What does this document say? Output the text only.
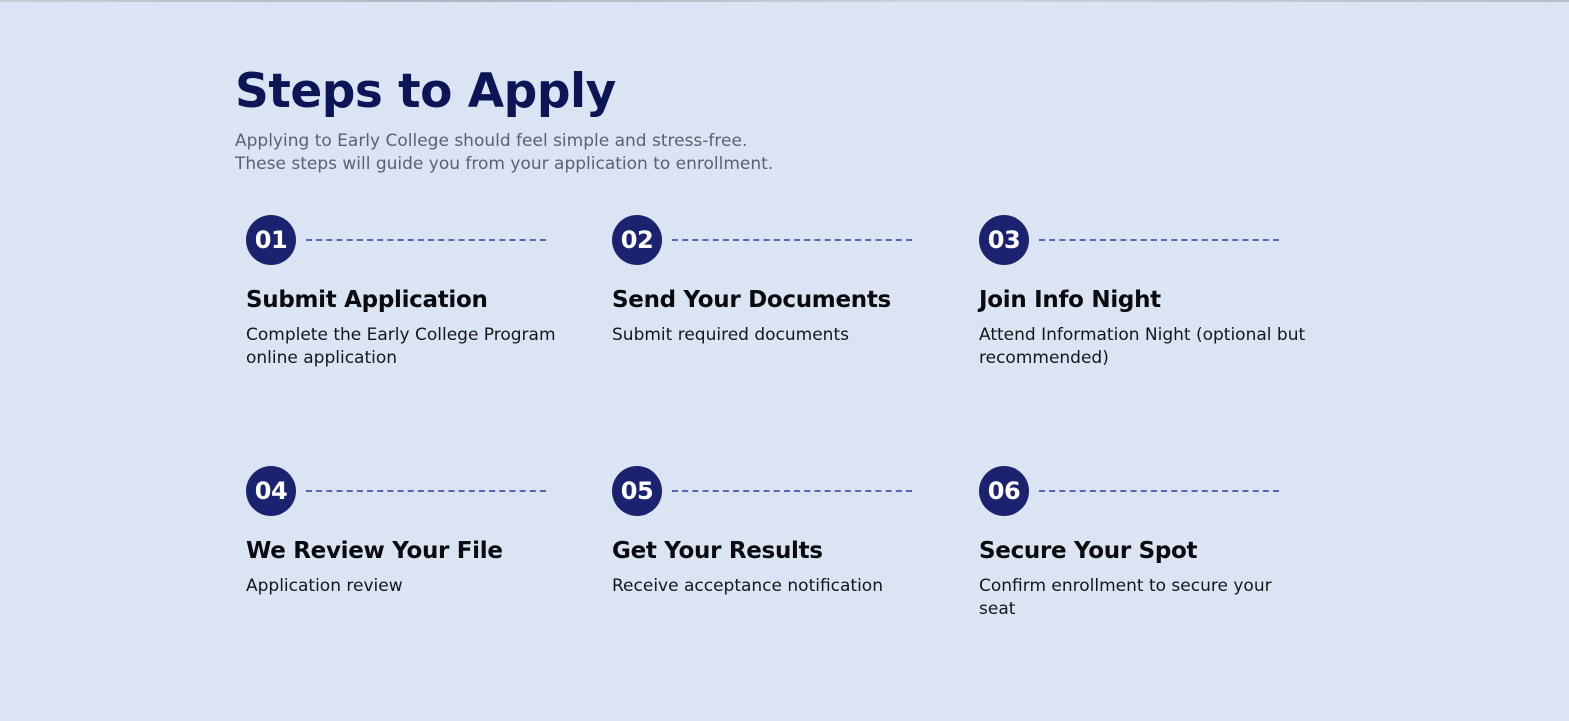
Steps to Apply
Applying to Early College should feel simple and stress-free.
These steps will guide you from your application to enrollment.
01
Submit Application
Complete the Early College Program online application
02
Send Your Documents
Submit required documents
03
Join Info Night
Attend Information Night (optional but recommended)
04
We Review Your File
Application review
05
Get Your Results
Receive acceptance notification
06
Secure Your Spot
Confirm enrollment to secure your seat
